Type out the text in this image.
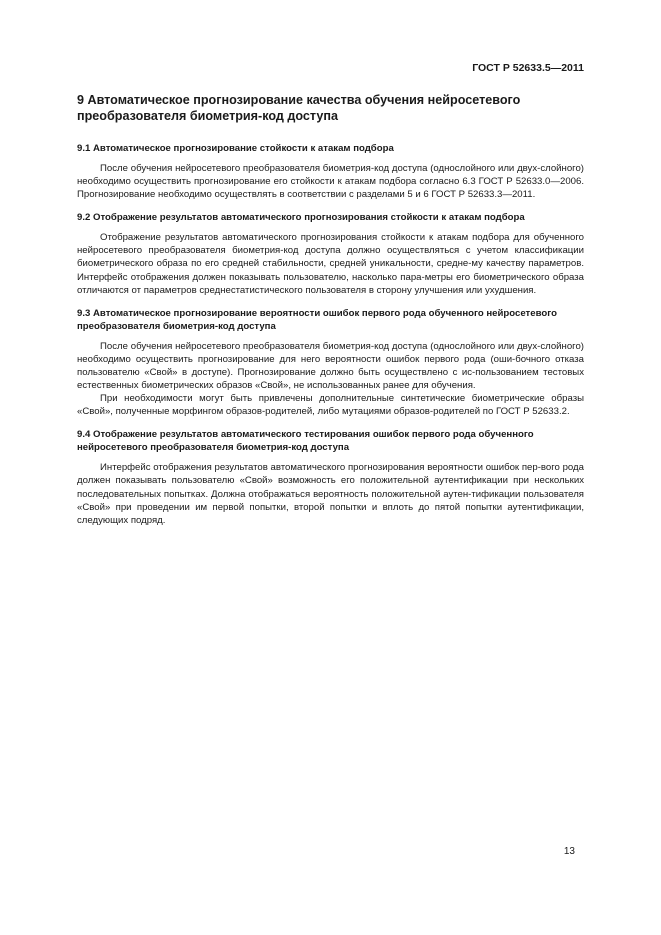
ГОСТ Р 52633.5—2011
9 Автоматическое прогнозирование качества обучения нейросетевого преобразователя биометрия-код доступа
9.1 Автоматическое прогнозирование стойкости к атакам подбора

После обучения нейросетевого преобразователя биометрия-код доступа (однослойного или двух-слойного) необходимо осуществить прогнозирование его стойкости к атакам подбора согласно 6.3 ГОСТ Р 52633.0—2006. Прогнозирование необходимо осуществлять в соответствии с разделами 5 и 6 ГОСТ Р 52633.3—2011.

9.2 Отображение результатов автоматического прогнозирования стойкости к атакам подбора

Отображение результатов автоматического прогнозирования стойкости к атакам подбора для обученного нейросетевого преобразователя биометрия-код доступа должно осуществляться с учетом классификации биометрического образа по его средней стабильности, средней уникальности, средне-му качеству параметров. Интерфейс отображения должен показывать пользователю, насколько пара-метры его биометрического образа отличаются от параметров среднестатистического пользователя в сторону улучшения или ухудшения.

9.3 Автоматическое прогнозирование вероятности ошибок первого рода обученного нейросетевого преобразователя биометрия-код доступа

После обучения нейросетевого преобразователя биометрия-код доступа (однослойного или двух-слойного) необходимо осуществить прогнозирование для него вероятности ошибок первого рода (оши-бочного отказа пользователю «Свой» в доступе). Прогнозирование должно быть осуществлено с ис-пользованием тестовых естественных биометрических образов «Свой», не использованных ранее для обучения.

При необходимости могут быть привлечены дополнительные синтетические биометрические образы «Свой», полученные морфингом образов-родителей, либо мутациями образов-родителей по ГОСТ Р 52633.2.

9.4 Отображение результатов автоматического тестирования ошибок первого рода обученного нейросетевого преобразователя биометрия-код доступа

Интерфейс отображения результатов автоматического прогнозирования вероятности ошибок пер-вого рода должен показывать пользователю «Свой» возможность его положительной аутентификации при нескольких последовательных попытках. Должна отображаться вероятность положительной аутен-тификации пользователя «Свой» при проведении им первой попытки, второй попытки и вплоть до пятой попытки аутентификации, следующих подряд.

13
